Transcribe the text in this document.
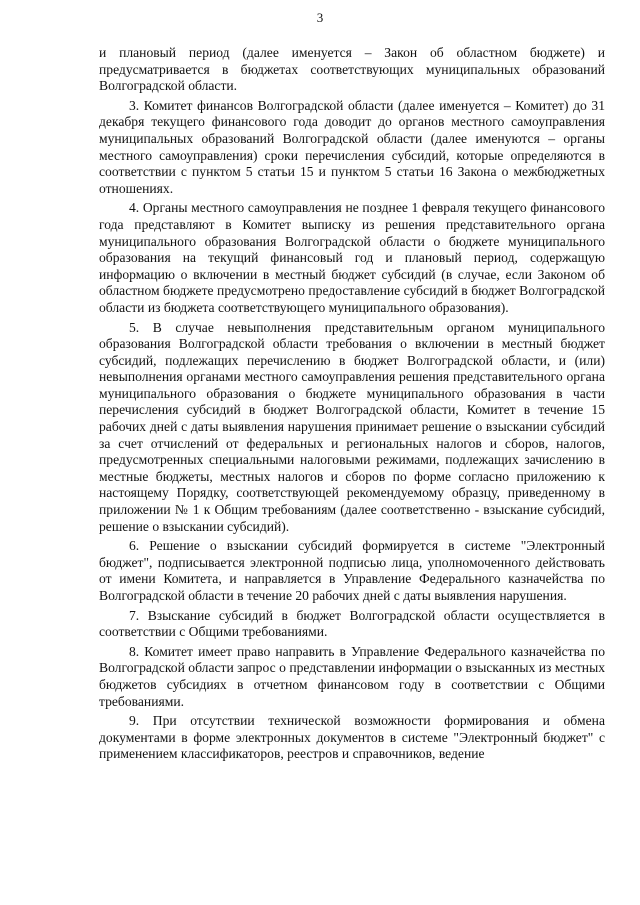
3

и плановый период (далее именуется – Закон об областном бюджете) и предусматривается в бюджетах соответствующих муниципальных образований Волгоградской области.

3. Комитет финансов Волгоградской области (далее именуется – Комитет) до 31 декабря текущего финансового года доводит до органов местного самоуправления муниципальных образований Волгоградской области (далее именуются – органы местного самоуправления) сроки перечисления субсидий, которые определяются в соответствии с пунктом 5 статьи 15 и пунктом 5 статьи 16 Закона о межбюджетных отношениях.

4. Органы местного самоуправления не позднее 1 февраля текущего финансового года представляют в Комитет выписку из решения представительного органа муниципального образования Волгоградской области о бюджете муниципального образования на текущий финансовый год и плановый период, содержащую информацию о включении в местный бюджет субсидий (в случае, если Законом об областном бюджете предусмотрено предоставление субсидий в бюджет Волгоградской области из бюджета соответствующего муниципального образования).

5. В случае невыполнения представительным органом муниципального образования Волгоградской области требования о включении в местный бюджет субсидий, подлежащих перечислению в бюджет Волгоградской области, и (или) невыполнения органами местного самоуправления решения представительного органа муниципального образования о бюджете муниципального образования в части перечисления субсидий в бюджет Волгоградской области, Комитет в течение 15 рабочих дней с даты выявления нарушения принимает решение о взыскании субсидий за счет отчислений от федеральных и региональных налогов и сборов, налогов, предусмотренных специальными налоговыми режимами, подлежащих зачислению в местные бюджеты, местных налогов и сборов по форме согласно приложению к настоящему Порядку, соответствующей рекомендуемому образцу, приведенному в приложении № 1 к Общим требованиям (далее соответственно - взыскание субсидий, решение о взыскании субсидий).

6. Решение о взыскании субсидий формируется в системе "Электронный бюджет", подписывается электронной подписью лица, уполномоченного действовать от имени Комитета, и направляется в Управление Федерального казначейства по Волгоградской области в течение 20 рабочих дней с даты выявления нарушения.

7. Взыскание субсидий в бюджет Волгоградской области осуществляется в соответствии с Общими требованиями.

8. Комитет имеет право направить в Управление Федерального казначейства по Волгоградской области запрос о представлении информации о взысканных из местных бюджетов субсидиях в отчетном финансовом году в соответствии с Общими требованиями.

9. При отсутствии технической возможности формирования и обмена документами в форме электронных документов в системе "Электронный бюджет" с применением классификаторов, реестров и справочников, ведение
